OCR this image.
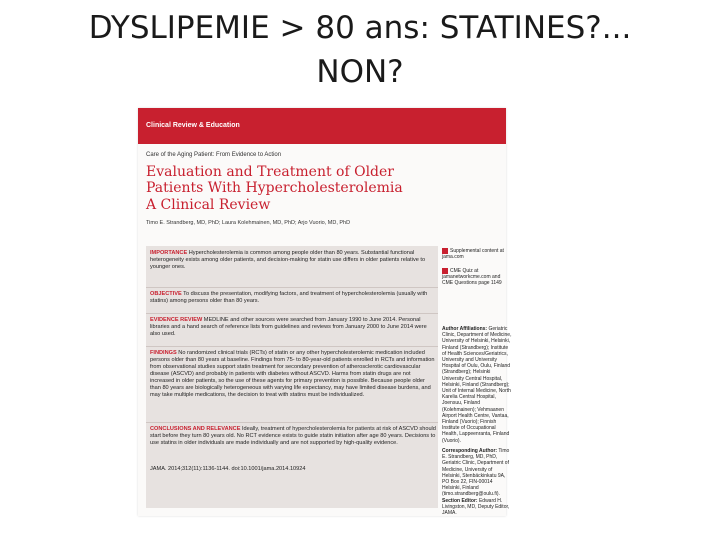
DYSLIPEMIE > 80 ans: STATINES?...
NON?
Clinical Review & Education
Care of the Aging Patient: From Evidence to Action
Evaluation and Treatment of Older Patients With Hypercholesterolemia
A Clinical Review
Timo E. Strandberg, MD, PhD; Laura Kolehmainen, MD, PhD; Arjo Vuorio, MD, PhD
IMPORTANCE Hypercholesterolemia is common among people older than 80 years. Substantial functional heterogeneity exists among older patients, and decision-making for statin use differs in older patients relative to younger ones.
OBJECTIVE To discuss the presentation, modifying factors, and treatment of hypercholesterolemia (usually with statins) among persons older than 80 years.
EVIDENCE REVIEW MEDLINE and other sources were searched from January 1990 to June 2014. Personal libraries and a hand search of reference lists from guidelines and reviews from January 2000 to June 2014 were also used.
FINDINGS No randomized clinical trials (RCTs) of statin or any other hypercholesterolemic medication included persons older than 80 years at baseline. Findings from 75- to 80-year-old patients enrolled in RCTs and information from observational studies support statin treatment for secondary prevention of atherosclerotic cardiovascular disease (ASCVD) and probably in patients with diabetes without ASCVD. Harms from statin drugs are not increased in older patients, so the use of these agents for primary prevention is possible. Because people older than 80 years are biologically heterogeneous with varying life expectancy, may have limited disease burdens, and may take multiple medications, the decision to treat with statins must be individualized.
CONCLUSIONS AND RELEVANCE Ideally, treatment of hypercholesterolemia for patients at risk of ASCVD should start before they turn 80 years old. No RCT evidence exists to guide statin initiation after age 80 years. Decisions to use statins in older individuals are made individually and are not supported by high-quality evidence.
JAMA. 2014;312(11):1136-1144. doi:10.1001/jama.2014.10924
Supplemental content at jama.com
CME Quiz at jamanetworkcme.com and CME Questions page 1149
Author Affiliations: Geriatric Clinic, Department of Medicine, University of Helsinki, Helsinki, Finland (Strandberg); Institute of Health Sciences/Geriatrics, University and University Hospital of Oulu, Oulu, Finland (Strandberg); Helsinki University Central Hospital, Helsinki, Finland (Strandberg); Unit of Internal Medicine, North Karelia Central Hospital, Joensuu, Finland (Kolehmainen); Vehmaanen Airport Health Centre, Vantaa, Finland (Vuorio); Finnish Institute of Occupational Health, Lappeenranta, Finland (Vuorio).
Corresponding Author: Timo E. Strandberg, MD, PhD, Geriatric Clinic, Department of Medicine, University of Helsinki, Stenbäckinkatu 9A, PO Box 22, FIN-00014 Helsinki, Finland (timo.strandberg@oulu.fi).
Section Editor: Edward H. Livingston, MD, Deputy Editor, JAMA.
